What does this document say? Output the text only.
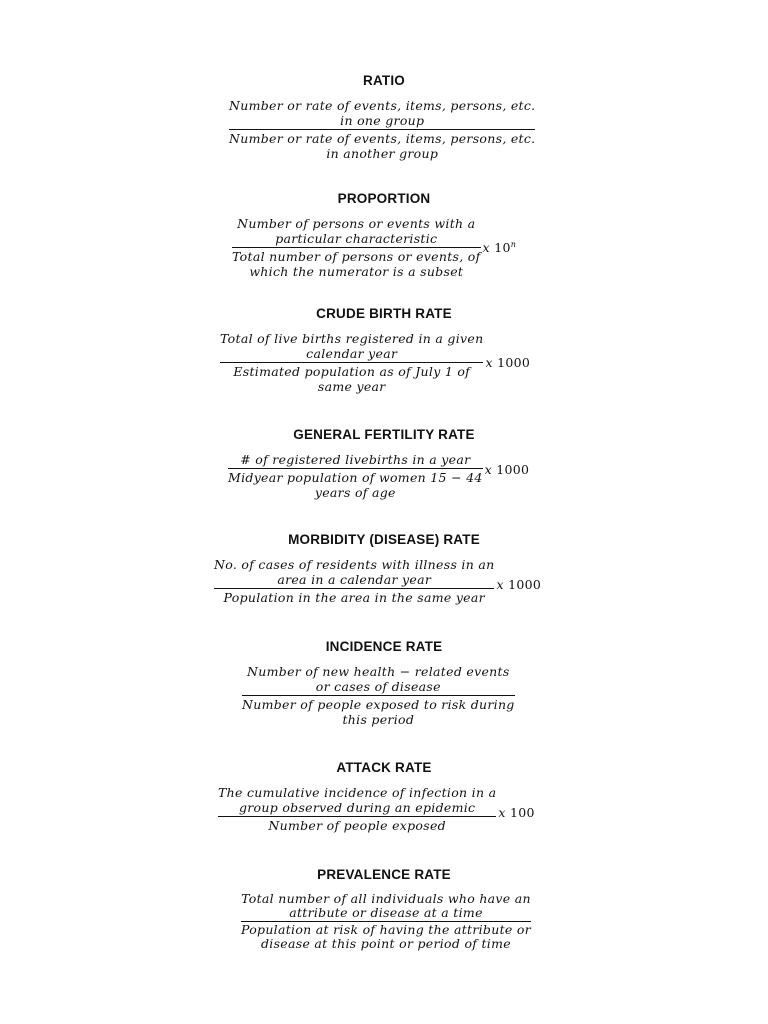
RATIO
Number or rate of events, items, persons, etc.
in one group
Number or rate of events, items, persons, etc.
in another group
PROPORTION
Number of persons or events with a
particular characteristic
Total number of persons or events, of
which the numerator is a subset
x 10$^n$
CRUDE BIRTH RATE
Total of live births registered in a given
calendar year
Estimated population as of July 1 of
same year
x 1000
GENERAL FERTILITY RATE
# of registered livebirths in a year
Midyear population of women 15 − 44
years of age x 1000
MORBIDITY (DISEASE) RATE
No. of cases of residents with illness in an
area in a calendar year
Population in the area in the same year
x 1000
INCIDENCE RATE
Number of new health − related events
or cases of disease
Number of people exposed to risk during
this period
ATTACK RATE
The cumulative incidence of infection in a
group observed during an epidemic
Number of people exposed
x 100
PREVALENCE RATE
Total number of all individuals who have an
attribute or disease at a time
Population at risk of having the attribute or
disease at this point or period of time
